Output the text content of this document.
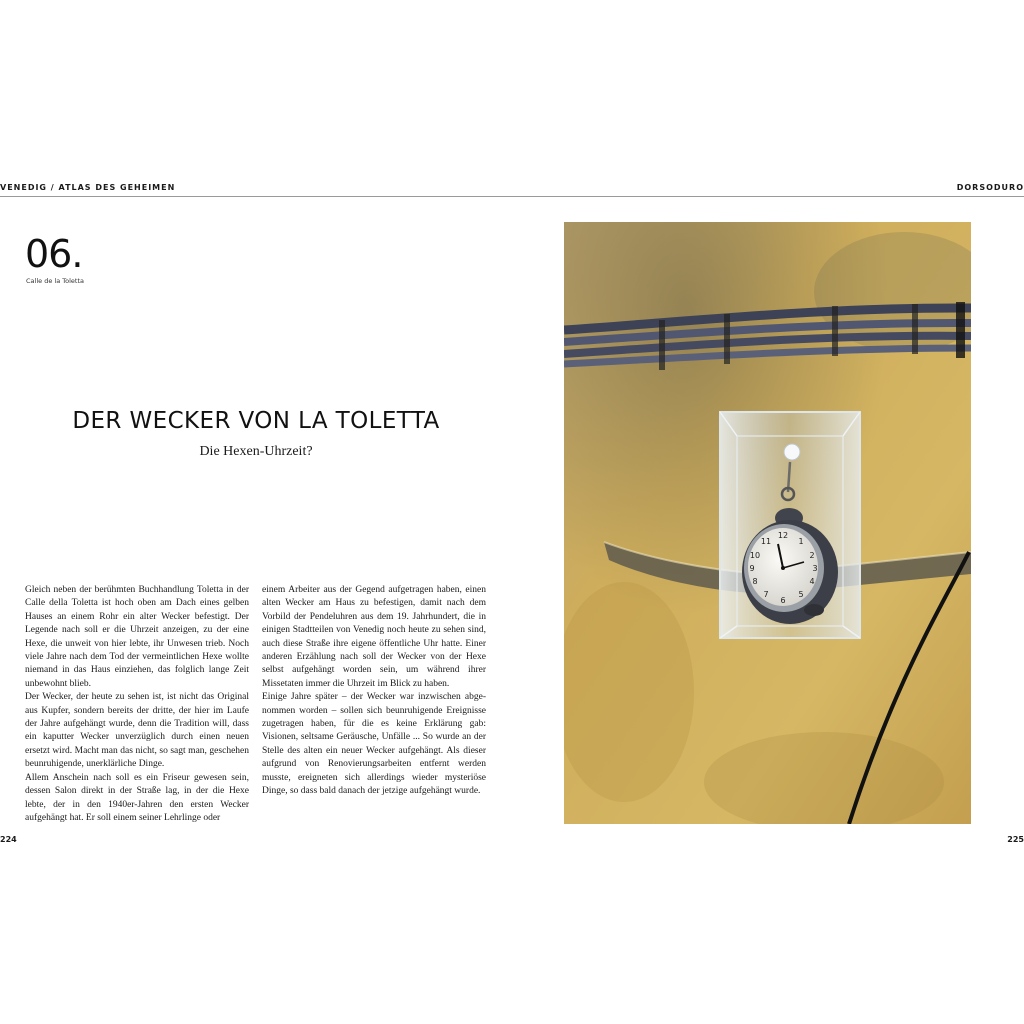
VENEDIG / ATLAS DES GEHEIMEN	DORSODURO
06.
Calle de la Toletta
DER WECKER VON LA TOLETTA
Die Hexen-Uhrzeit?

Gleich neben der berühmten Buchhandlung Toletta in der Calle della Toletta ist hoch oben am Dach eines gelben Hauses an einem Rohr ein alter Wecker befestigt. Der Legende nach soll er die Uhrzeit anzeigen, zu der eine Hexe, die unweit von hier lebte, ihr Unwesen trieb. Noch viele Jahre nach dem Tod der vermeintlichen Hexe wollte niemand in das Haus einziehen, das folglich lange Zeit unbewohnt blieb.

Der Wecker, der heute zu sehen ist, ist nicht das Original aus Kupfer, sondern bereits der dritte, der hier im Laufe der Jahre aufgehängt wurde, denn die Tradition will, dass ein kaputter Wecker unverzüglich durch einen neuen ersetzt wird. Macht man das nicht, so sagt man, geschehen beunruhigende, unerklärliche Dinge.

Allem Anschein nach soll es ein Friseur gewesen sein, dessen Salon direkt in der Straße lag, in der die Hexe lebte, der in den 1940er-Jahren den ersten Wecker aufgehängt hat. Er soll einem seiner Lehrlinge oder

einem Arbeiter aus der Gegend aufgetragen haben, einen alten Wecker am Haus zu befestigen, damit nach dem Vorbild der Pendeluhren aus dem 19. Jahrhundert, die in einigen Stadtteilen von Venedig noch heute zu sehen sind, auch diese Straße ihre eigene öffentliche Uhr hatte. Einer anderen Erzählung nach soll der Wecker von der Hexe selbst aufgehängt worden sein, um während ihrer Missetaten immer die Uhrzeit im Blick zu haben.

Einige Jahre später – der Wecker war inzwischen abgenommen worden – sollen sich beunruhigende Ereignisse zugetragen haben, für die es keine Erklärung gab: Visionen, seltsame Geräusche, Unfälle ... So wurde an der Stelle des alten ein neuer Wecker aufgehängt. Als dieser aufgrund von Renovierungsarbeiten entfernt werden musste, ereigneten sich allerdings wieder mysteriöse Dinge, so dass bald danach der jetzige aufgehängt wurde.

224	225
12
1
2
3
4
5
6
7
8
9
10
11
